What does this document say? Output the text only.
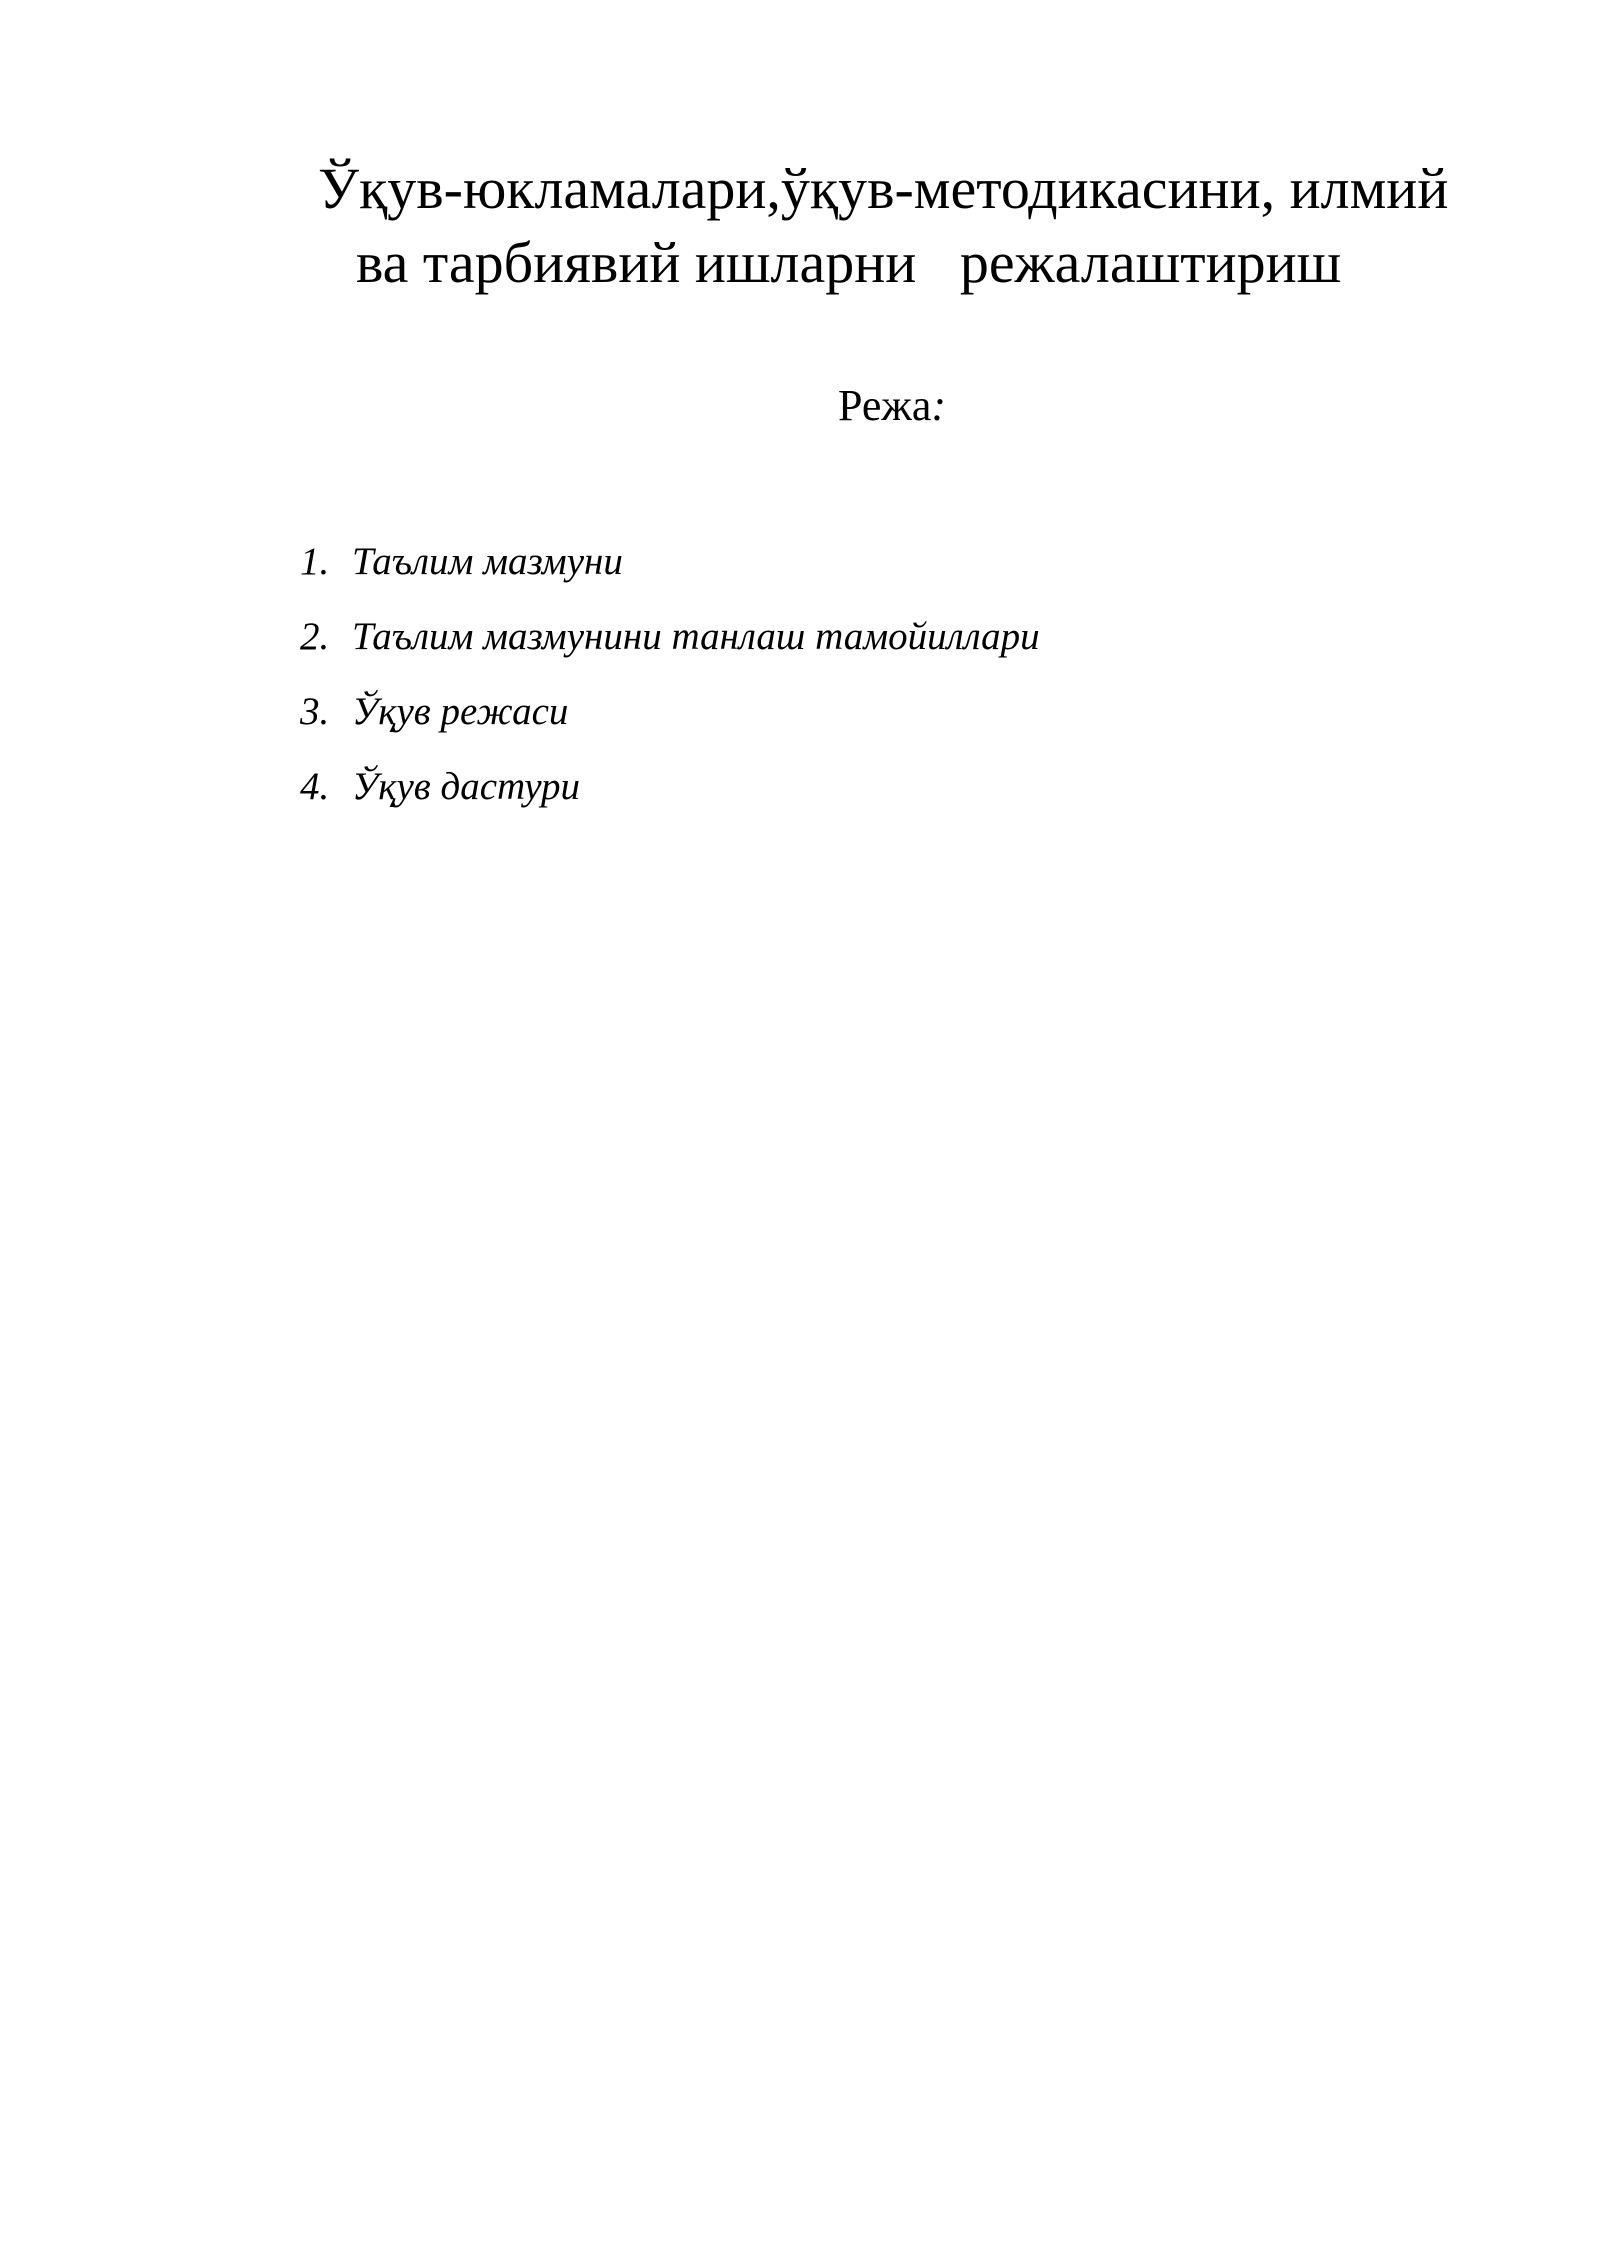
Ўқув-юкламалари,ўқув-методикасини, илмий
ва тарбиявий ишларни   режалаштириш

Режа:

1. Таълим мазмуни
2. Таълим мазмунини танлаш тамойиллари
3. Ўқув режаси
4. Ўқув дастури
